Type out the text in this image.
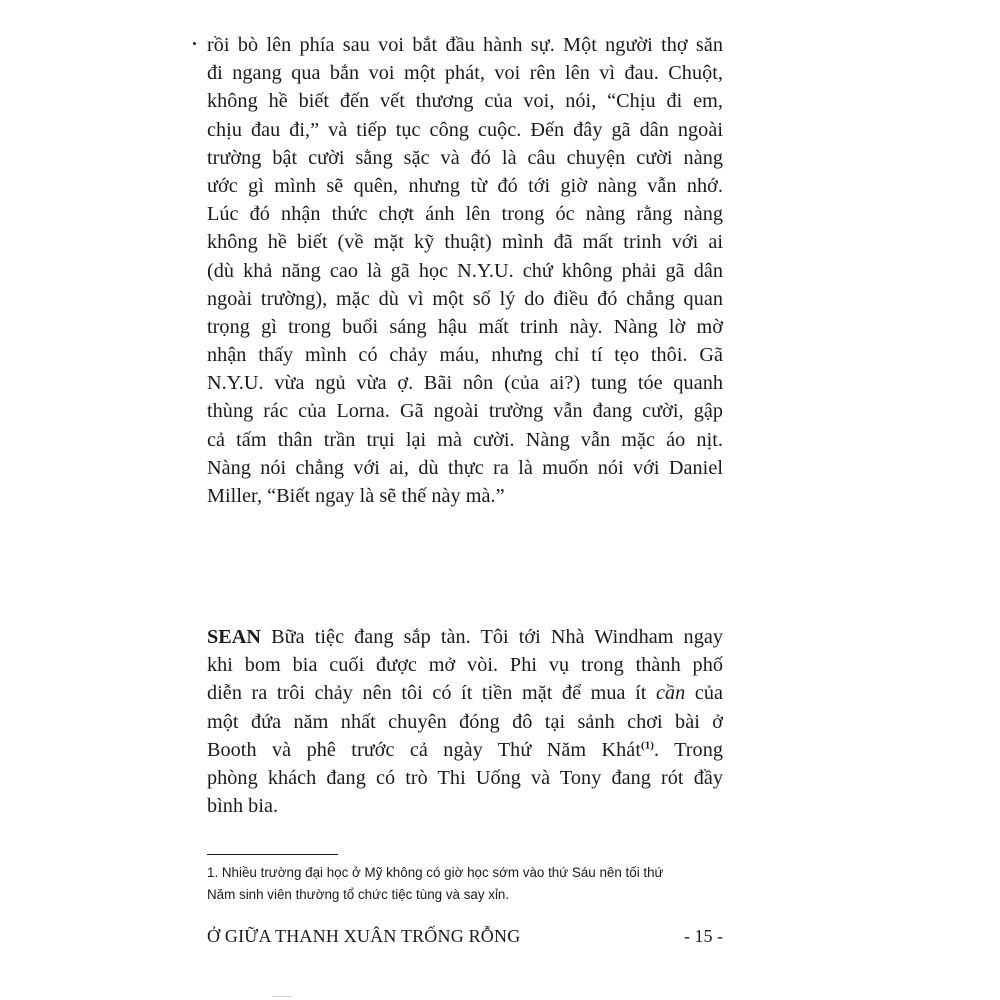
rồi bò lên phía sau voi bắt đầu hành sự. Một người thợ săn
đi ngang qua bắn voi một phát, voi rên lên vì đau. Chuột,
không hề biết đến vết thương của voi, nói, “Chịu đi em,
chịu đau đi,” và tiếp tục công cuộc. Đến đây gã dân ngoài
trường bật cười sằng sặc và đó là câu chuyện cười nàng
ước gì mình sẽ quên, nhưng từ đó tới giờ nàng vẫn nhớ.
Lúc đó nhận thức chợt ánh lên trong óc nàng rằng nàng
không hề biết (về mặt kỹ thuật) mình đã mất trinh với ai
(dù khả năng cao là gã học N.Y.U. chứ không phải gã dân
ngoài trường), mặc dù vì một số lý do điều đó chẳng quan
trọng gì trong buổi sáng hậu mất trinh này. Nàng lờ mờ
nhận thấy mình có chảy máu, nhưng chỉ tí tẹo thôi. Gã
N.Y.U. vừa ngủ vừa ợ. Bãi nôn (của ai?) tung tóe quanh
thùng rác của Lorna. Gã ngoài trường vẫn đang cười, gập
cả tấm thân trần trụi lại mà cười. Nàng vẫn mặc áo nịt.
Nàng nói chẳng với ai, dù thực ra là muốn nói với Daniel
Miller, “Biết ngay là sẽ thế này mà.”
SEAN Bữa tiệc đang sắp tàn. Tôi tới Nhà Windham ngay
khi bom bia cuối được mở vòi. Phi vụ trong thành phố
diễn ra trôi chảy nên tôi có ít tiền mặt để mua ít cần của
một đứa năm nhất chuyên đóng đô tại sảnh chơi bài ở
Booth và phê trước cả ngày Thứ Năm Khát$^{(1)}$. Trong
phòng khách đang có trò Thi Uống và Tony đang rót đầy
bình bia.
1. Nhiều trường đại học ở Mỹ không có giờ học sớm vào thứ Sáu nên tối thứ
Năm sinh viên thường tổ chức tiệc tùng và say xỉn.
Ở GIỮA THANH XUÂN TRỐNG RỖNG	- 15 -
